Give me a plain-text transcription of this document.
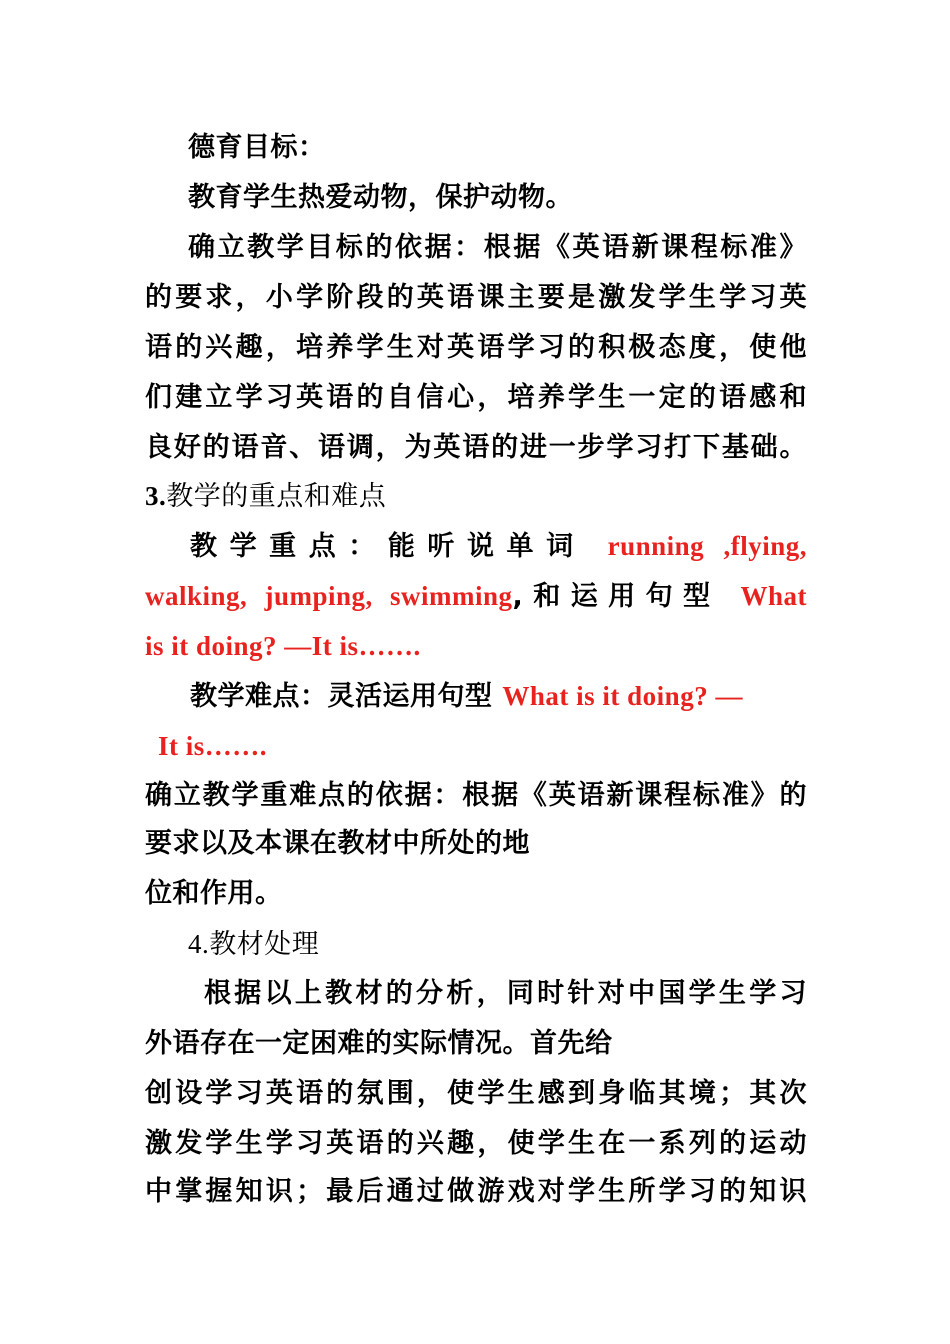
德育目标：
教育学生热爱动物，保护动物。
确立教学目标的依据：根据《英语新课程标准》
的要求，小学阶段的英语课主要是激发学生学习英
语的兴趣，培养学生对英语学习的积极态度，使他
们建立学习英语的自信心，培养学生一定的语感和
良好的语音、语调，为英语的进一步学习打下基础。
3.教学的重点和难点
教学重点：能听说单词 running ,flying,
walking, jumping, swimming,和运用句型 What
is it doing? —It is…….
教学难点：灵活运用句型 What is it doing? —
It is…….
确立教学重难点的依据：根据《英语新课程标准》的
要求以及本课在教材中所处的地
位和作用。
4.教材处理
根据以上教材的分析，同时针对中国学生学习
外语存在一定困难的实际情况。首先给
创设学习英语的氛围，使学生感到身临其境；其次
激发学生学习英语的兴趣，使学生在一系列的运动
中掌握知识；最后通过做游戏对学生所学习的知识
